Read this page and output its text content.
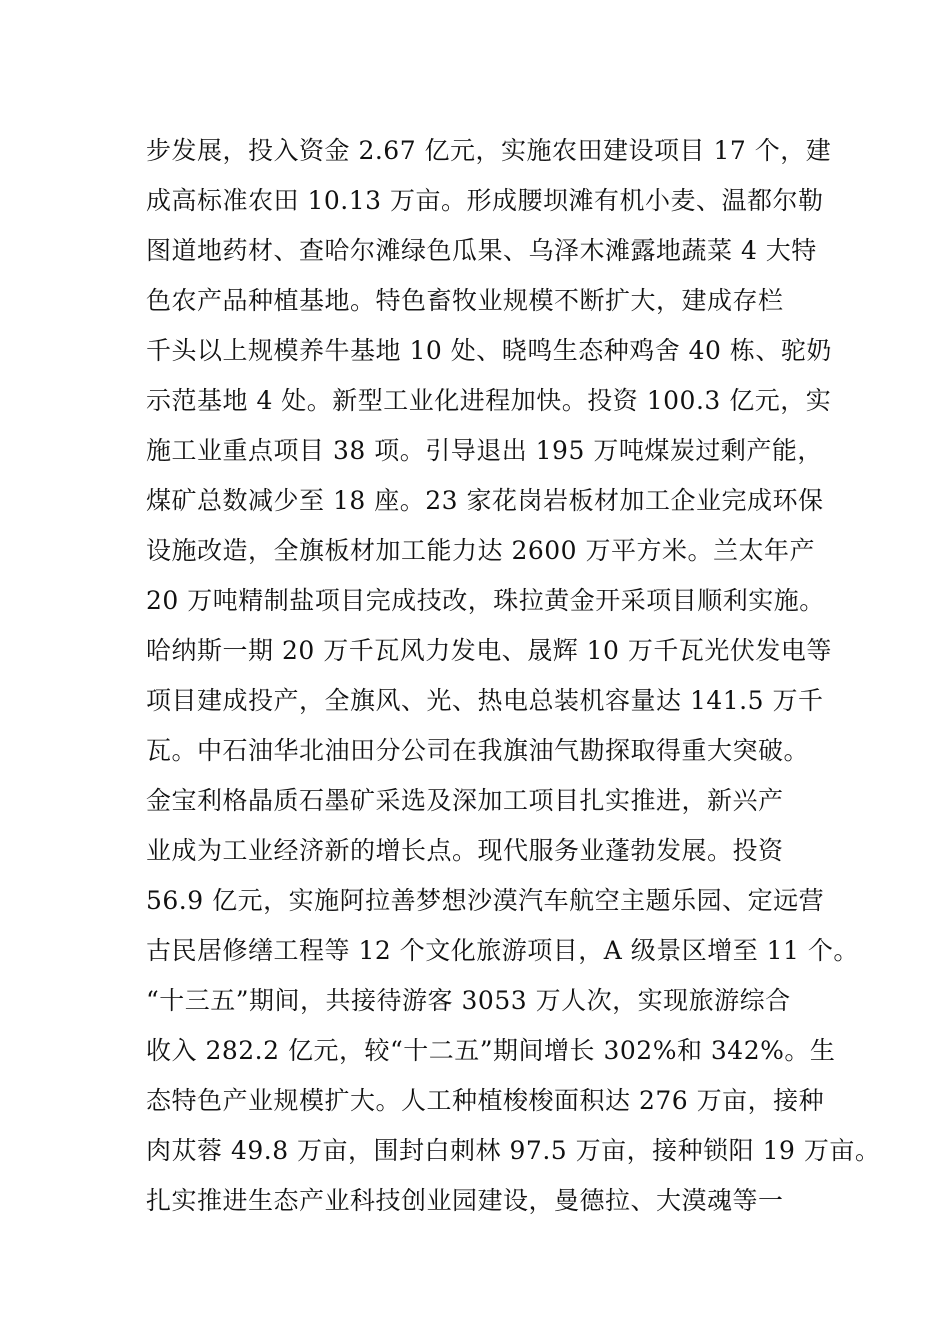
步发展，投入资金 2.67 亿元，实施农田建设项目 17 个，建
成高标准农田 10.13 万亩。形成腰坝滩有机小麦、温都尔勒
图道地药材、查哈尔滩绿色瓜果、乌泽木滩露地蔬菜 4 大特
色农产品种植基地。特色畜牧业规模不断扩大，建成存栏
千头以上规模养牛基地 10 处、晓鸣生态种鸡舍 40 栋、驼奶
示范基地 4 处。新型工业化进程加快。投资 100.3 亿元，实
施工业重点项目 38 项。引导退出 195 万吨煤炭过剩产能，
煤矿总数减少至 18 座。23 家花岗岩板材加工企业完成环保
设施改造，全旗板材加工能力达 2600 万平方米。兰太年产
20 万吨精制盐项目完成技改，珠拉黄金开采项目顺利实施。
哈纳斯一期 20 万千瓦风力发电、晟辉 10 万千瓦光伏发电等
项目建成投产，全旗风、光、热电总装机容量达 141.5 万千
瓦。中石油华北油田分公司在我旗油气勘探取得重大突破。
金宝利格晶质石墨矿采选及深加工项目扎实推进，新兴产
业成为工业经济新的增长点。现代服务业蓬勃发展。投资
56.9 亿元，实施阿拉善梦想沙漠汽车航空主题乐园、定远营
古民居修缮工程等 12 个文化旅游项目，A 级景区增至 11 个。
“十三五”期间，共接待游客 3053 万人次，实现旅游综合
收入 282.2 亿元，较“十二五”期间增长 302%和 342%。生
态特色产业规模扩大。人工种植梭梭面积达 276 万亩，接种
肉苁蓉 49.8 万亩，围封白刺林 97.5 万亩，接种锁阳 19 万亩。
扎实推进生态产业科技创业园建设，曼德拉、大漠魂等一
